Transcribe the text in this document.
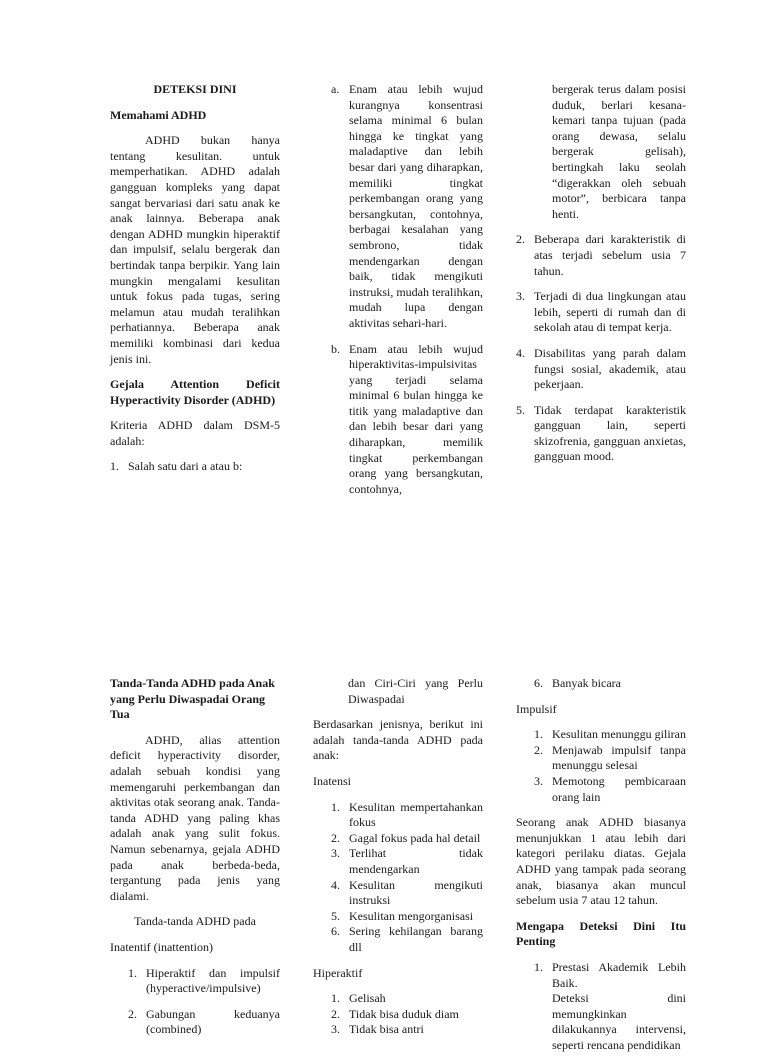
DETEKSI DINI

Memahami ADHD

ADHD bukan hanya tentang kesulitan. untuk memperhatikan. ADHD adalah gangguan kompleks yang dapat sangat bervariasi dari satu anak ke anak lainnya. Beberapa anak dengan ADHD mungkin hiperaktif dan impulsif, selalu bergerak dan bertindak tanpa berpikir. Yang lain mungkin mengalami kesulitan untuk fokus pada tugas, sering melamun atau mudah teralihkan perhatiannya. Beberapa anak memiliki kombinasi dari kedua jenis ini.

Gejala Attention Deficit Hyperactivity Disorder (ADHD)

Kriteria ADHD dalam DSM-5 adalah:

1. Salah satu dari a atau b:
a. Enam atau lebih wujud kurangnya konsentrasi selama minimal 6 bulan hingga ke tingkat yang maladaptive dan lebih besar dari yang diharapkan, memiliki tingkat perkembangan orang yang bersangkutan, contohnya, berbagai kesalahan yang sembrono, tidak mendengarkan dengan baik, tidak mengikuti instruksi, mudah teralihkan, mudah lupa dengan aktivitas sehari-hari.
b. Enam atau lebih wujud hiperaktivitas-impulsivitas yang terjadi selama minimal 6 bulan hingga ke titik yang maladaptive dan dan lebih besar dari yang diharapkan, memilik tingkat perkembangan orang yang bersangkutan, contohnya,

bergerak terus dalam posisi duduk, berlari kesana-kemari tanpa tujuan (pada orang dewasa, selalu bergerak gelisah), bertingkah laku seolah “digerakkan oleh sebuah motor”, berbicara tanpa henti.

2. Beberapa dari karakteristik di atas terjadi sebelum usia 7 tahun.
3. Terjadi di dua lingkungan atau lebih, seperti di rumah dan di sekolah atau di tempat kerja.
4. Disabilitas yang parah dalam fungsi sosial, akademik, atau pekerjaan.
5. Tidak terdapat karakteristik gangguan lain, seperti skizofrenia, gangguan anxietas, gangguan mood.

Tanda-Tanda ADHD pada Anak yang Perlu Diwaspadai Orang Tua

ADHD, alias attention deficit hyperactivity disorder, adalah sebuah kondisi yang memengaruhi perkembangan dan aktivitas otak seorang anak. Tanda-tanda ADHD yang paling khas adalah anak yang sulit fokus. Namun sebenarnya, gejala ADHD pada anak berbeda-beda, tergantung pada jenis yang dialami.

Tanda-tanda ADHD pada

Inatentif (inattention)

1. Hiperaktif dan impulsif (hyperactive/impulsive)
2. Gabungan keduanya (combined)

dan Ciri-Ciri yang Perlu Diwaspadai

Berdasarkan jenisnya, berikut ini adalah tanda-tanda ADHD pada anak:

Inatensi

1. Kesulitan mempertahankan fokus
2. Gagal fokus pada hal detail
3. Terlihat tidak mendengarkan
4. Kesulitan mengikuti instruksi
5. Kesulitan mengorganisasi
6. Sering kehilangan barang dll

Hiperaktif

1. Gelisah
2. Tidak bisa duduk diam
3. Tidak bisa antri
6. Banyak bicara

Impulsif

1. Kesulitan menunggu giliran
2. Menjawab impulsif tanpa menunggu selesai
3. Memotong pembicaraan orang lain

Seorang anak ADHD biasanya menunjukkan 1 atau lebih dari kategori perilaku diatas. Gejala ADHD yang tampak pada seorang anak, biasanya akan muncul sebelum usia 7 atau 12 tahun.

Mengapa Deteksi Dini Itu Penting

1. Prestasi Akademik Lebih Baik.
Deteksi dini memungkinkan dilakukannya intervensi, seperti rencana pendidikan
